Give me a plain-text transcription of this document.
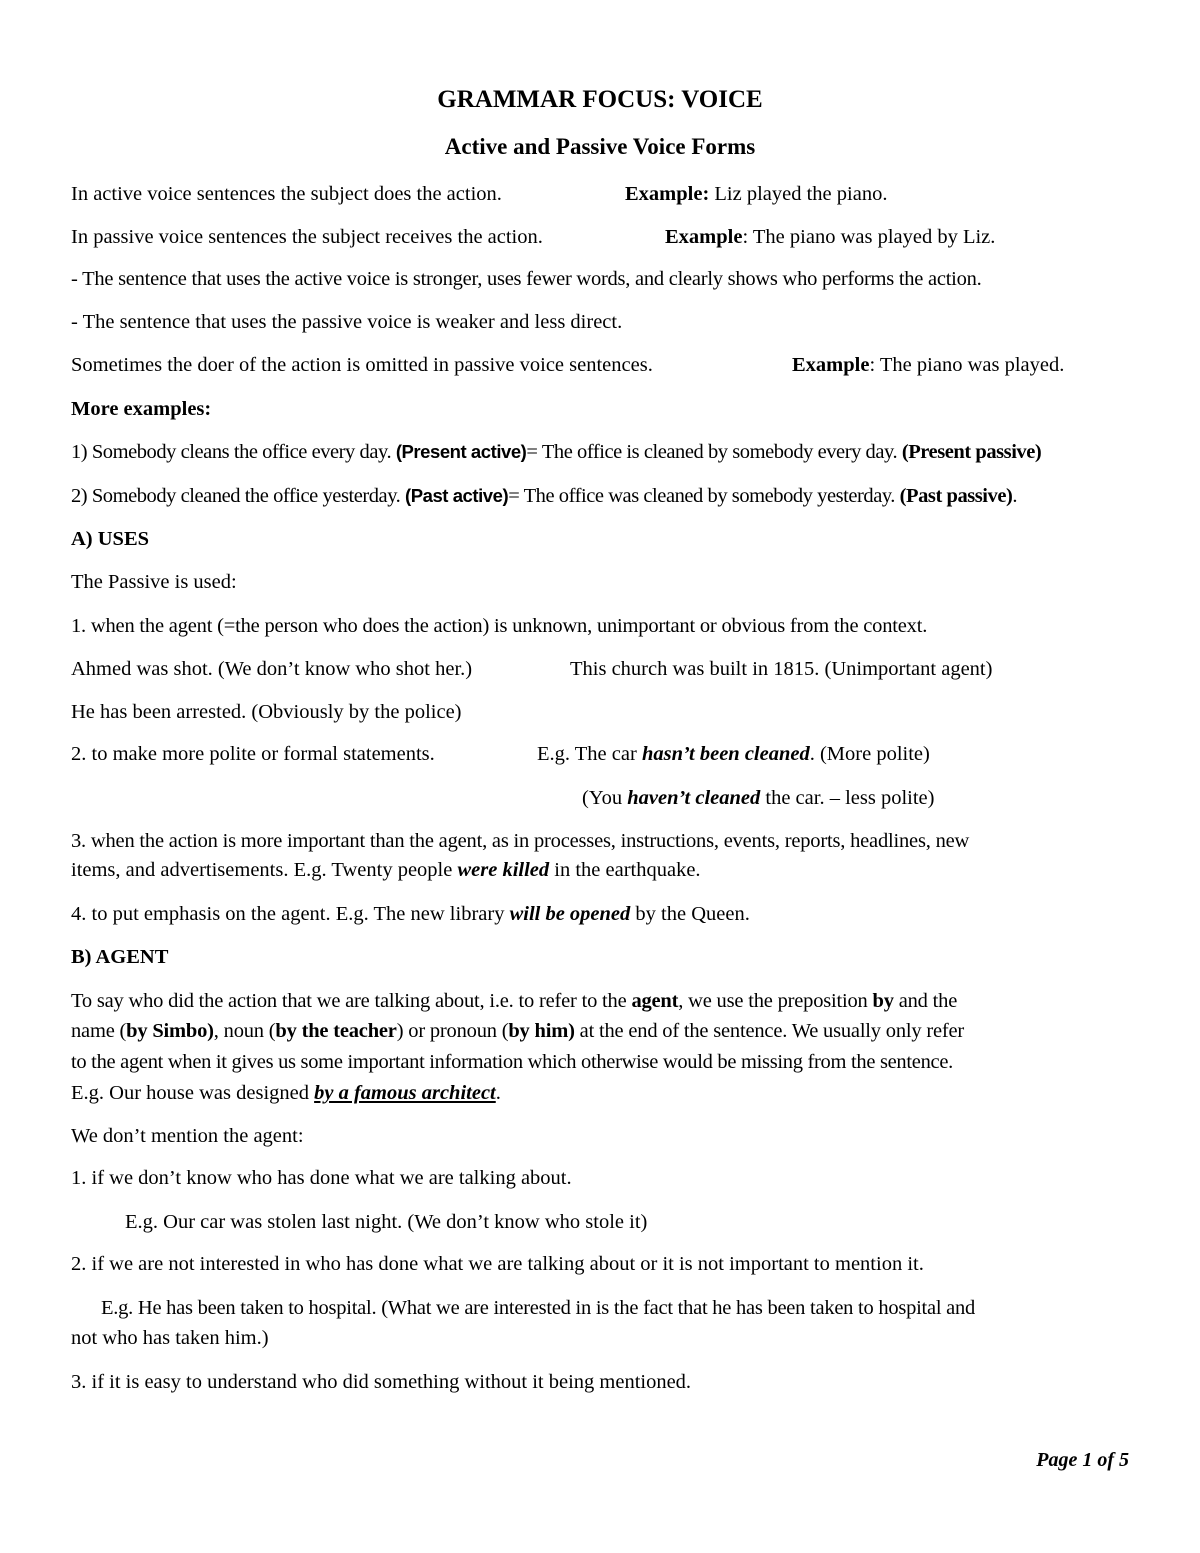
GRAMMAR FOCUS: VOICE
Active and Passive Voice Forms
In active voice sentences the subject does the action.	Example: Liz played the piano.
In passive voice sentences the subject receives the action.	Example: The piano was played by Liz.
- The sentence that uses the active voice is stronger, uses fewer words, and clearly shows who performs the action.
- The sentence that uses the passive voice is weaker and less direct.
Sometimes the doer of the action is omitted in passive voice sentences.	Example: The piano was played.
More examples:
1) Somebody cleans the office every day. (Present active)= The office is cleaned by somebody every day. (Present passive)
2) Somebody cleaned the office yesterday. (Past active)= The office was cleaned by somebody yesterday. (Past passive).
A) USES
The Passive is used:
1. when the agent (=the person who does the action) is unknown, unimportant or obvious from the context.
Ahmed was shot. (We don’t know who shot her.)	This church was built in 1815. (Unimportant agent)
He has been arrested. (Obviously by the police)
2. to make more polite or formal statements.	E.g. The car hasn’t been cleaned. (More polite)
(You haven’t cleaned the car. – less polite)
3. when the action is more important than the agent, as in processes, instructions, events, reports, headlines, new
items, and advertisements. E.g. Twenty people were killed in the earthquake.
4. to put emphasis on the agent. E.g. The new library will be opened by the Queen.
B) AGENT
To say who did the action that we are talking about, i.e. to refer to the agent, we use the preposition by and the
name (by Simbo), noun (by the teacher) or pronoun (by him) at the end of the sentence. We usually only refer
to the agent when it gives us some important information which otherwise would be missing from the sentence.
E.g. Our house was designed by a famous architect.
We don’t mention the agent:
1. if we don’t know who has done what we are talking about.
E.g. Our car was stolen last night. (We don’t know who stole it)
2. if we are not interested in who has done what we are talking about or it is not important to mention it.
E.g. He has been taken to hospital. (What we are interested in is the fact that he has been taken to hospital and
not who has taken him.)
3. if it is easy to understand who did something without it being mentioned.
Page 1 of 5
